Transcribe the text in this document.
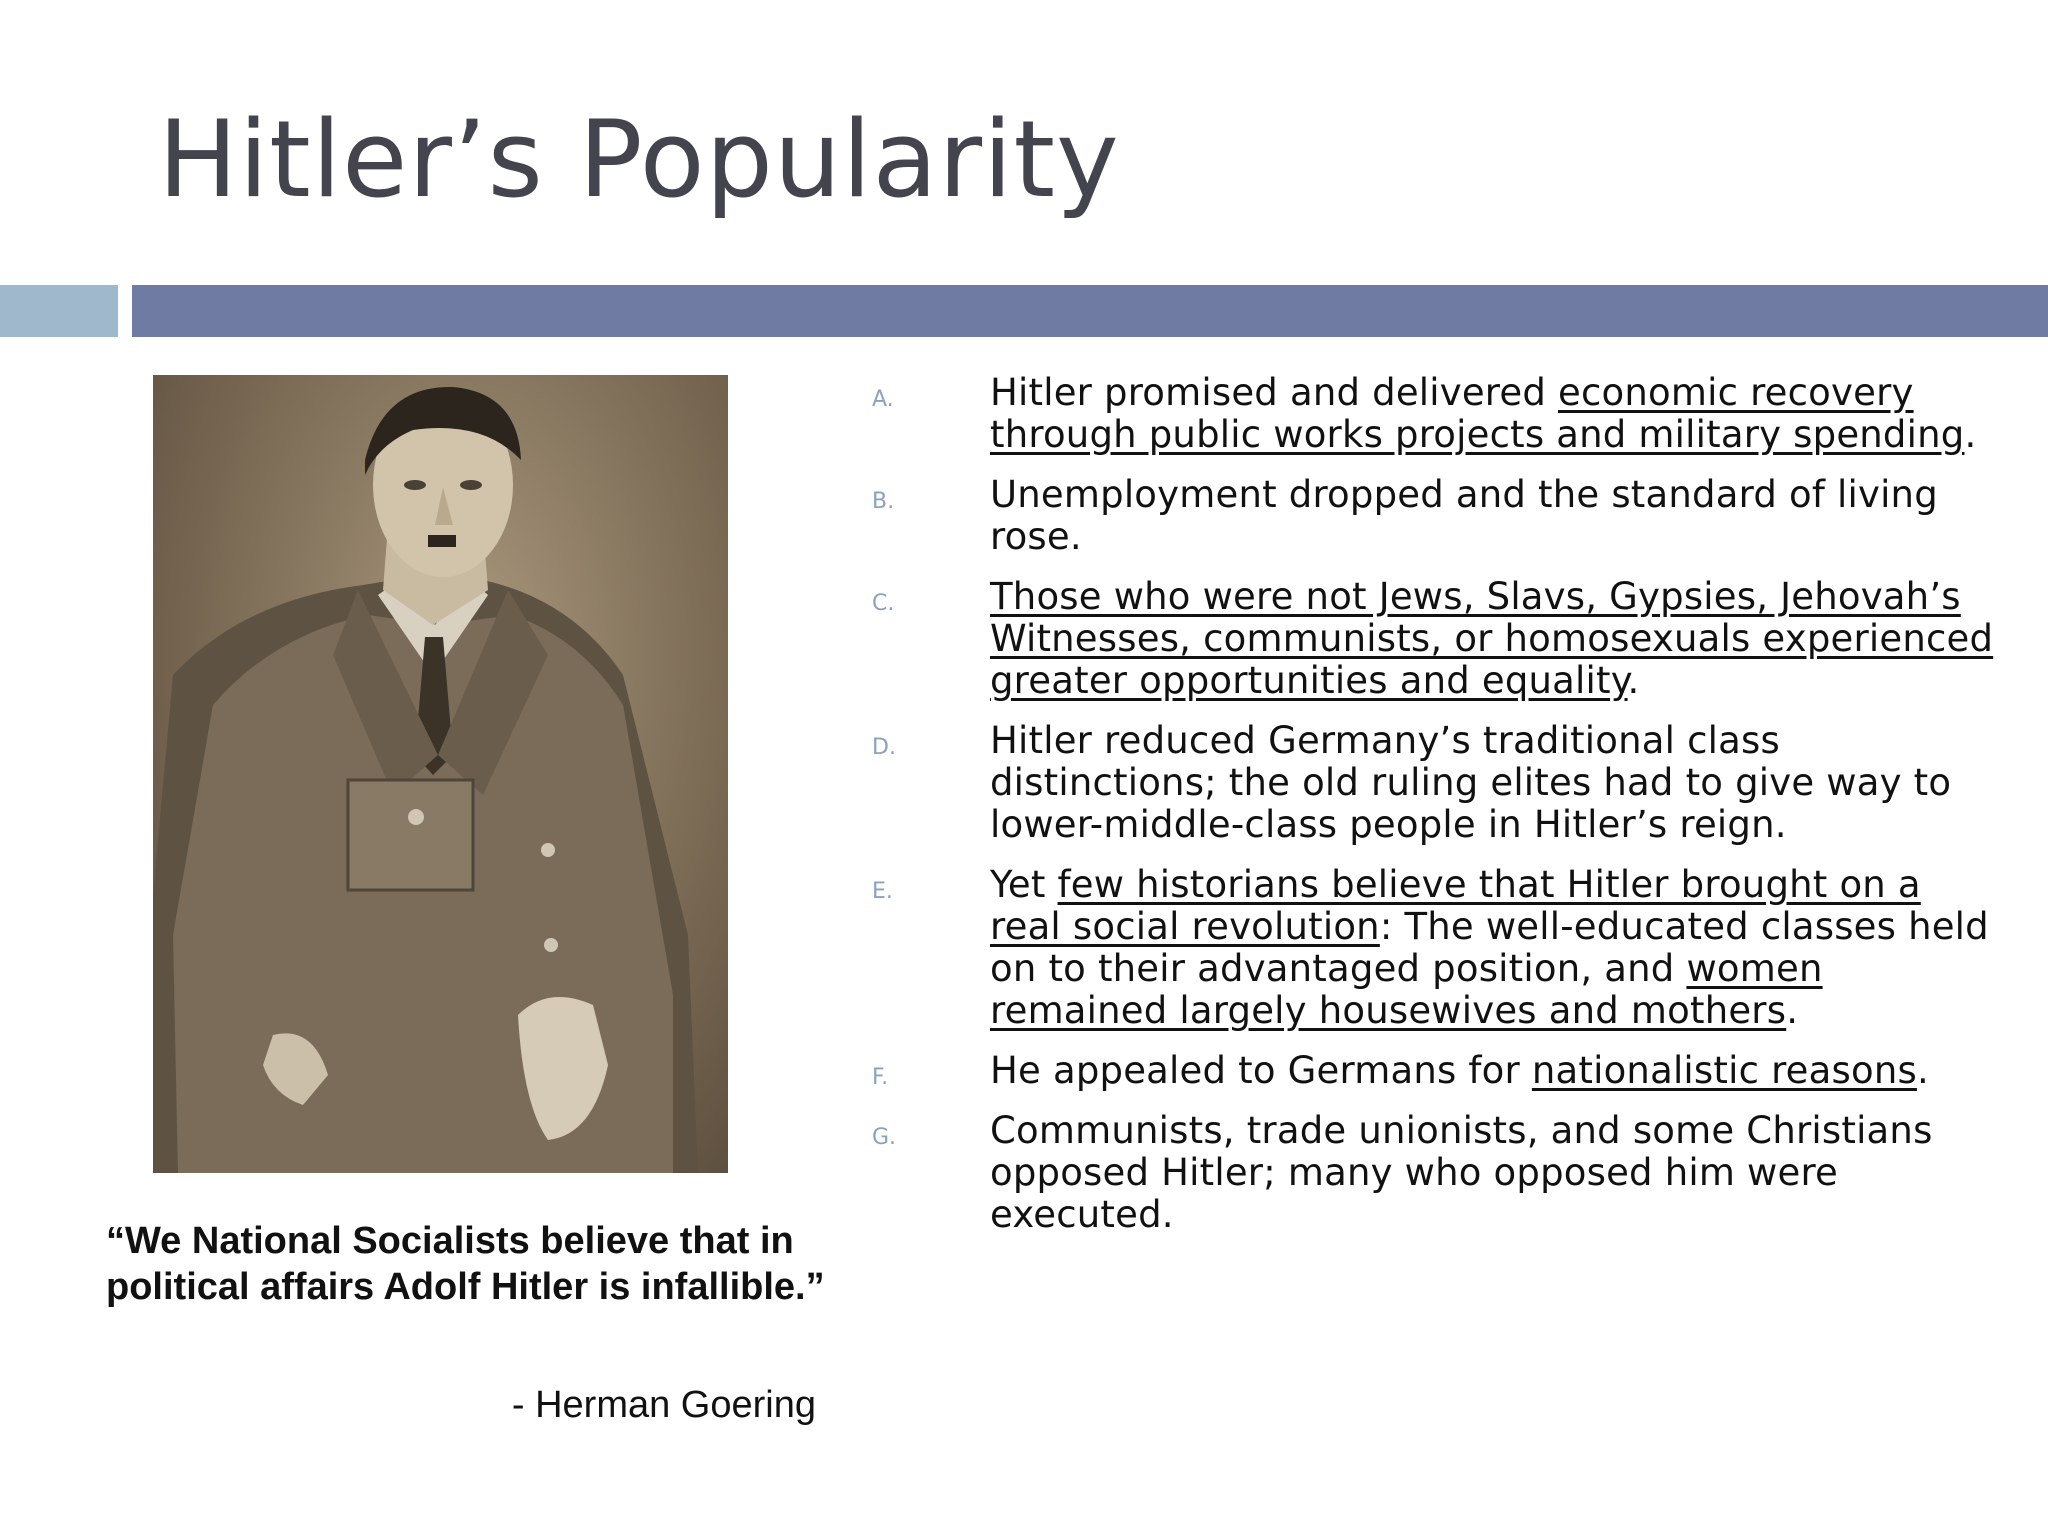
Hitler’s Popularity

“We National Socialists believe that in political affairs Adolf Hitler is infallible.”

- Herman Goering

A.	Hitler promised and delivered economic recovery through public works projects and military spending.
B.	Unemployment dropped and the standard of living rose.
C.	Those who were not Jews, Slavs, Gypsies, Jehovah’s Witnesses, communists, or homosexuals experienced greater opportunities and equality.
D.	Hitler reduced Germany’s traditional class distinctions; the old ruling elites had to give way to lower-middle-class people in Hitler’s reign.
E.	Yet few historians believe that Hitler brought on a real social revolution: The well-educated classes held on to their advantaged position, and women remained largely housewives and mothers.
F.	He appealed to Germans for nationalistic reasons.
G.	Communists, trade unionists, and some Christians opposed Hitler; many who opposed him were executed.
